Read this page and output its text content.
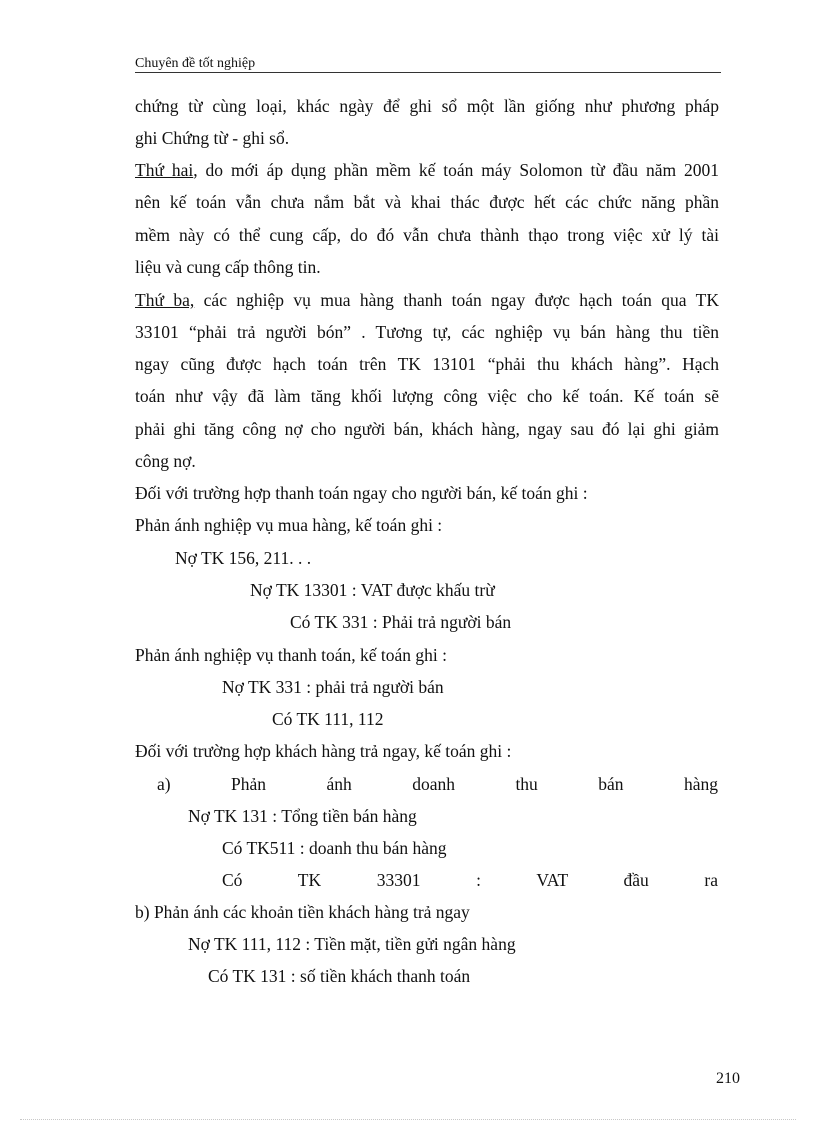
Chuyên đề tốt nghiệp
chứng từ cùng loại, khác ngày để ghi sổ một lần giống như phương pháp
ghi Chứng từ - ghi sổ.
Thứ hai, do mới áp dụng phần mềm kế toán máy Solomon từ đầu năm 2001
nên kế toán vẫn chưa nắm bắt và khai thác được hết các chức năng phần
mềm này có thể cung cấp, do đó vẫn chưa thành thạo trong việc xử lý tài
liệu và cung cấp thông tin.
Thứ ba, các nghiệp vụ mua hàng thanh toán ngay được hạch toán qua TK
33101 “phải trả người bón” . Tương tự, các nghiệp vụ bán hàng thu tiền
ngay cũng được hạch toán trên TK 13101 “phải thu khách hàng”. Hạch
toán như vậy đã làm tăng khối lượng công việc cho kế toán. Kế toán sẽ
phải ghi tăng công nợ cho người bán, khách hàng, ngay sau đó lại ghi giảm
công nợ.
Đối với trường hợp thanh toán ngay cho người bán, kế toán ghi :
Phản ánh nghiệp vụ mua hàng, kế toán ghi :
Nợ TK 156, 211. . .
Nợ TK 13301 : VAT được khấu trừ
Có TK 331 : Phải trả người bán
Phản ánh nghiệp vụ thanh toán, kế toán ghi :
Nợ TK 331 : phải trả người bán
Có TK 111, 112
Đối với trường hợp khách hàng trả ngay, kế toán ghi :
a) Phản ánh doanh thu bán hàng
Nợ TK 131 : Tổng tiền bán hàng
Có TK511 : doanh thu bán hàng
Có TK 33301 : VAT đầu ra
b) Phản ánh các khoản tiền khách hàng trả ngay
Nợ TK 111, 112 : Tiền mặt, tiền gửi ngân hàng
Có TK 131 : số tiền khách thanh toán
210
